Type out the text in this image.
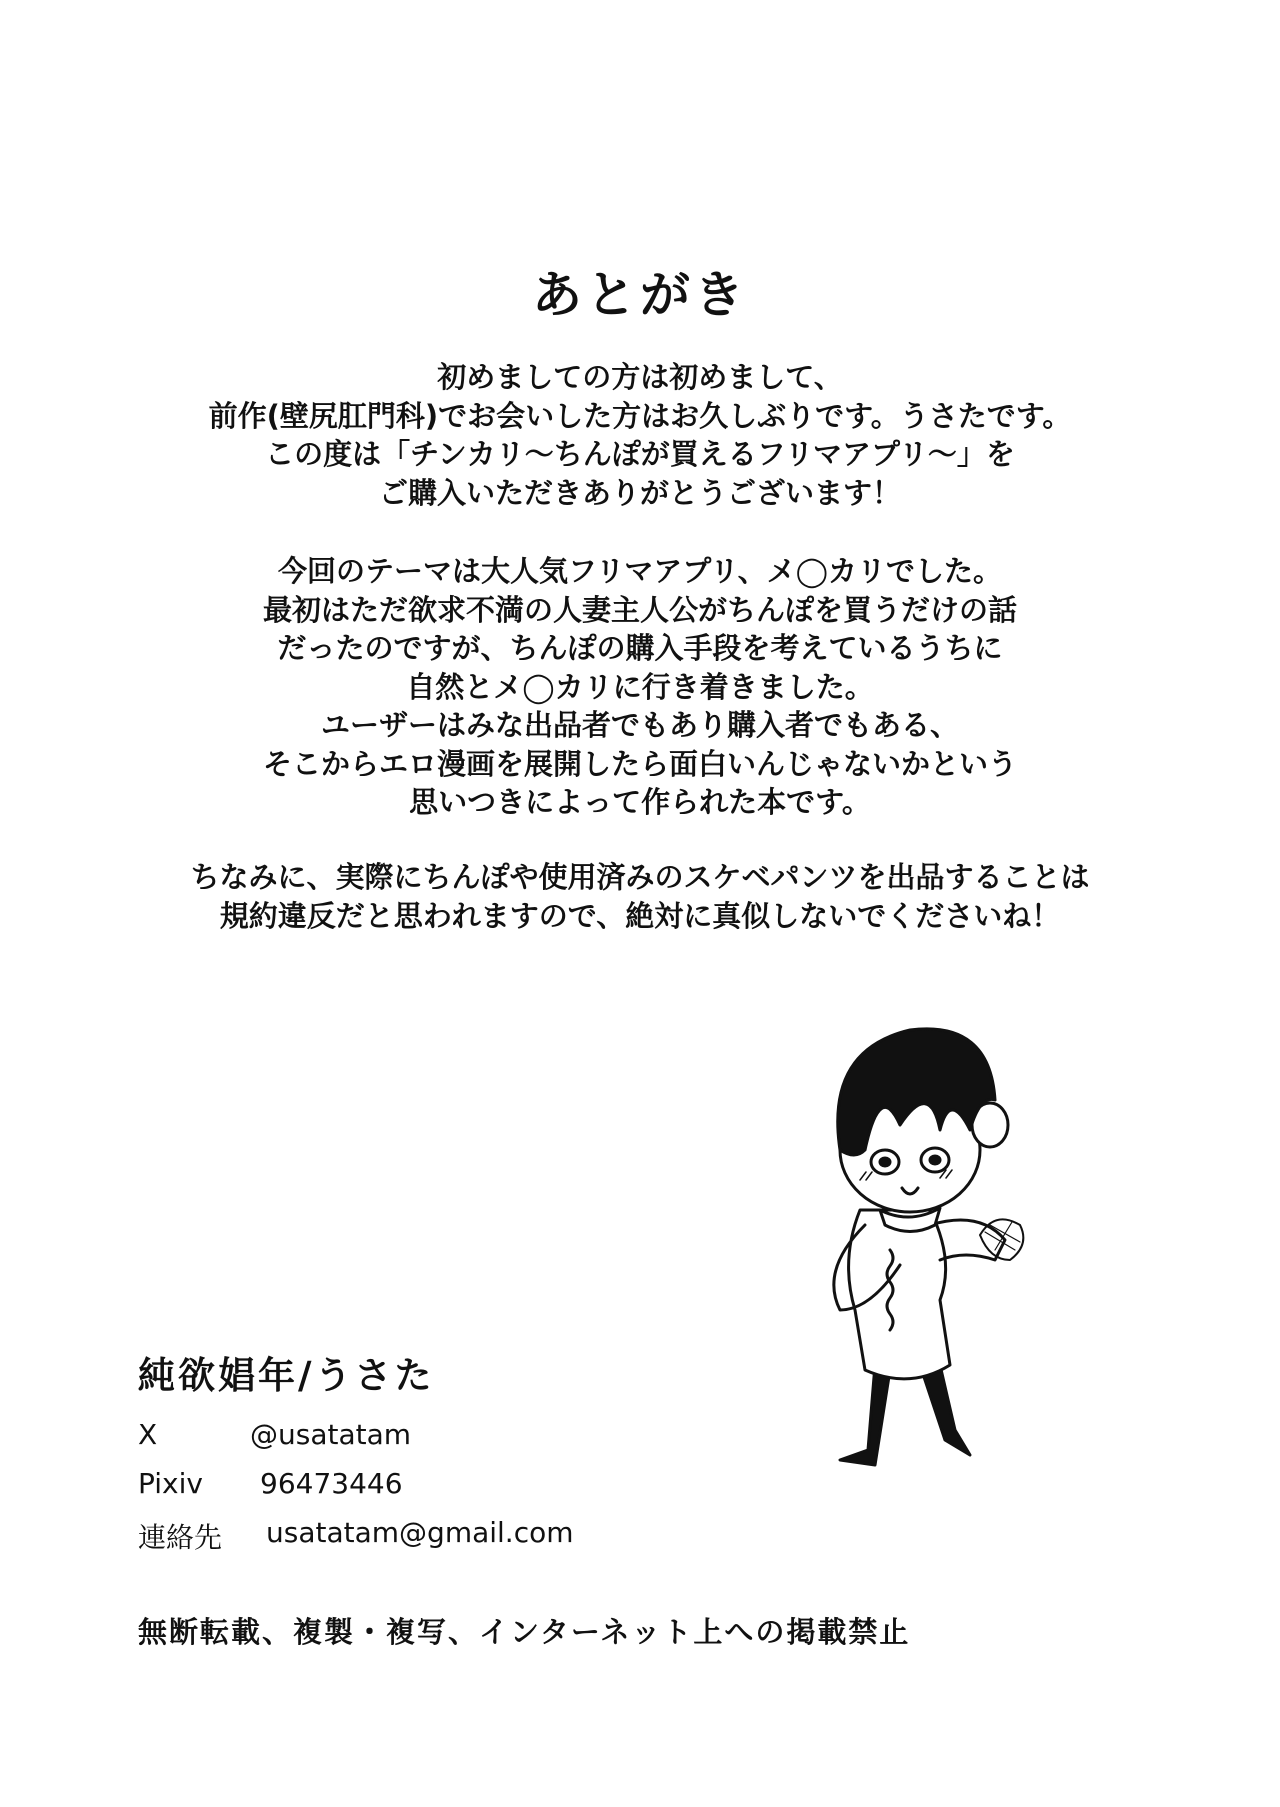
あとがき
初めましての方は初めまして、
前作(壁尻肛門科)でお会いした方はお久しぶりです。うさたです。
この度は「チンカリ〜ちんぽが買えるフリマアプリ〜」を
ご購入いただきありがとうございます！
今回のテーマは大人気フリマアプリ、メ◯カリでした。
最初はただ欲求不満の人妻主人公がちんぽを買うだけの話
だったのですが、ちんぽの購入手段を考えているうちに
自然とメ◯カリに行き着きました。
ユーザーはみな出品者でもあり購入者でもある、
そこからエロ漫画を展開したら面白いんじゃないかという
思いつきによって作られた本です。
ちなみに、実際にちんぽや使用済みのスケベパンツを出品することは
規約違反だと思われますので、絶対に真似しないでくださいね！
純欲娼年/うさた
X	@usatatam
Pixiv 96473446
連絡先 usatatam@gmail.com
無断転載、複製・複写、インターネット上への掲載禁止
